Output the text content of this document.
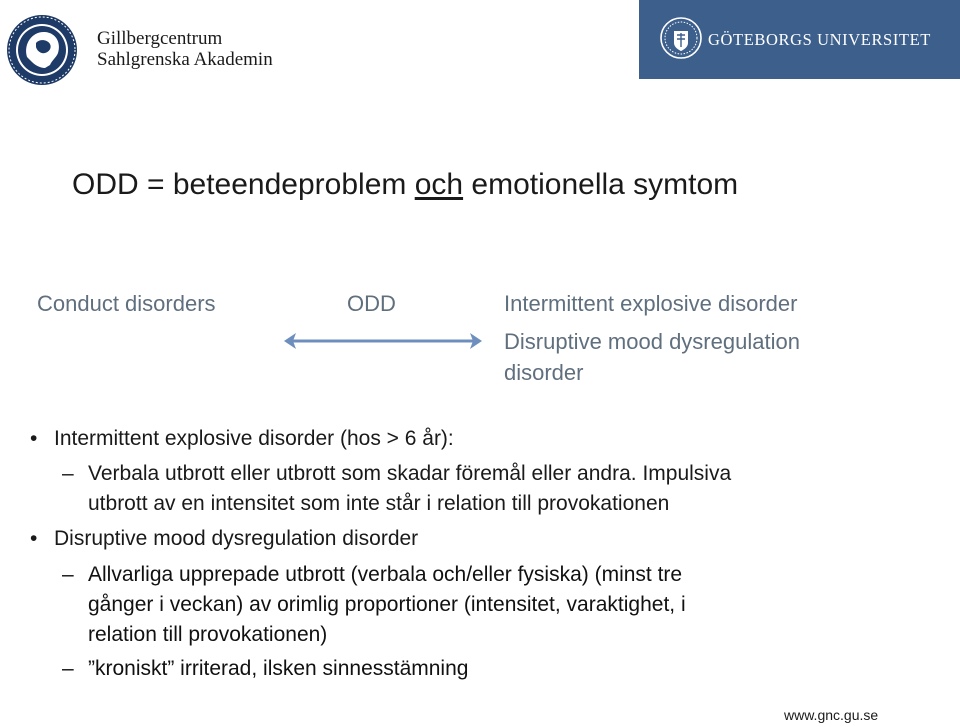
Gillbergcentrum
Sahlgrenska Akademin
GÖTEBORGS UNIVERSITET
ODD = beteendeproblem och emotionella symtom
Conduct disorders	ODD	Intermittent explosive disorder
Disruptive mood dysregulation
disorder
• Intermittent explosive disorder (hos > 6 år):
– Verbala utbrott eller utbrott som skadar föremål eller andra. Impulsiva
utbrott av en intensitet som inte står i relation till provokationen
• Disruptive mood dysregulation disorder
– Allvarliga upprepade utbrott (verbala och/eller fysiska) (minst tre
gånger i veckan) av orimlig proportioner (intensitet, varaktighet, i
relation till provokationen)
– ”kroniskt” irriterad, ilsken sinnesstämning
www.gnc.gu.se
